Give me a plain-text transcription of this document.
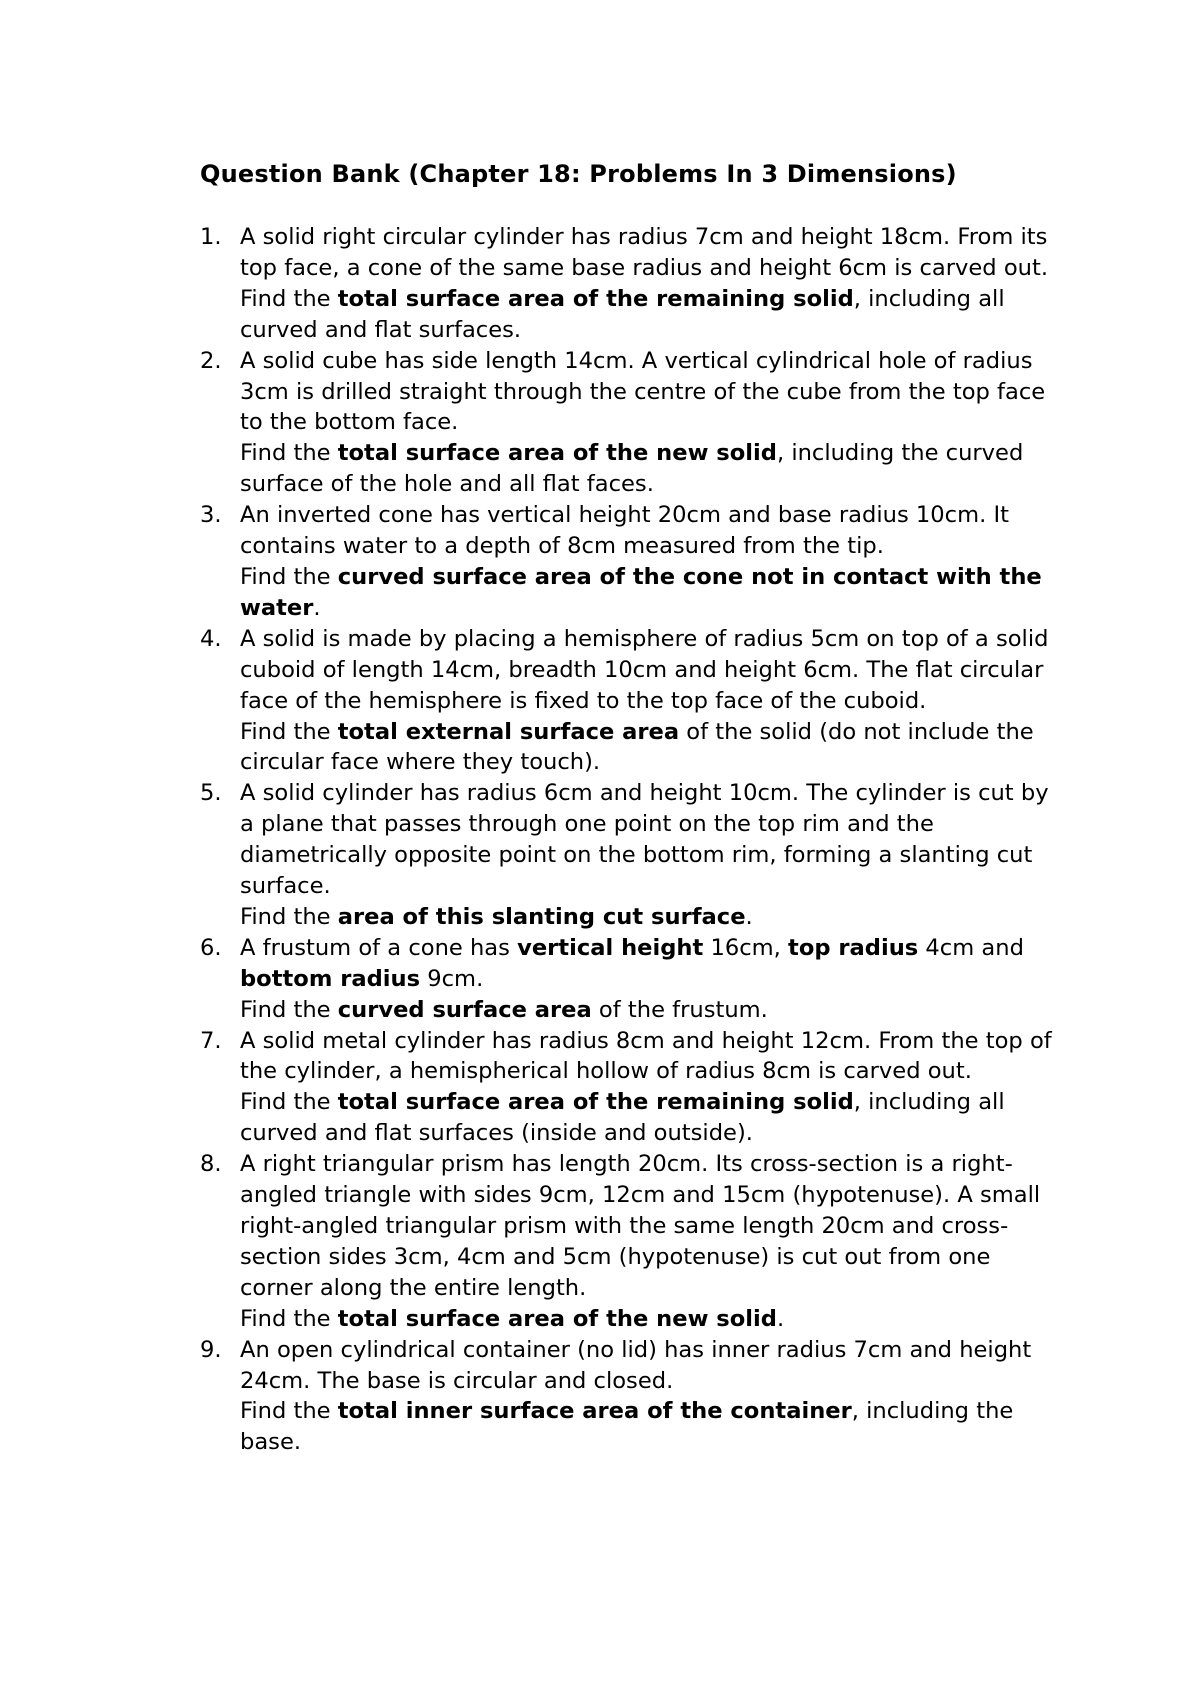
Question Bank (Chapter 18: Problems In 3 Dimensions)
1. A solid right circular cylinder has radius 7cm and height 18cm. From its top face, a cone of the same base radius and height 6cm is carved out.

Find the total surface area of the remaining solid, including all curved and flat surfaces.

2. A solid cube has side length 14cm. A vertical cylindrical hole of radius 3cm is drilled straight through the centre of the cube from the top face to the bottom face.

Find the total surface area of the new solid, including the curved surface of the hole and all flat faces.

3. An inverted cone has vertical height 20cm and base radius 10cm. It contains water to a depth of 8cm measured from the tip.

Find the curved surface area of the cone not in contact with the water.

4. A solid is made by placing a hemisphere of radius 5cm on top of a solid cuboid of length 14cm, breadth 10cm and height 6cm. The flat circular face of the hemisphere is fixed to the top face of the cuboid.

Find the total external surface area of the solid (do not include the circular face where they touch).

5. A solid cylinder has radius 6cm and height 10cm. The cylinder is cut by a plane that passes through one point on the top rim and the diametrically opposite point on the bottom rim, forming a slanting cut surface.

Find the area of this slanting cut surface.

6. A frustum of a cone has vertical height 16cm, top radius 4cm and bottom radius 9cm.

Find the curved surface area of the frustum.

7. A solid metal cylinder has radius 8cm and height 12cm. From the top of the cylinder, a hemispherical hollow of radius 8cm is carved out.

Find the total surface area of the remaining solid, including all curved and flat surfaces (inside and outside).

8. A right triangular prism has length 20cm. Its cross-section is a right-angled triangle with sides 9cm, 12cm and 15cm (hypotenuse). A small right-angled triangular prism with the same length 20cm and cross-section sides 3cm, 4cm and 5cm (hypotenuse) is cut out from one corner along the entire length.

Find the total surface area of the new solid.

9. An open cylindrical container (no lid) has inner radius 7cm and height 24cm. The base is circular and closed.

Find the total inner surface area of the container, including the base.
